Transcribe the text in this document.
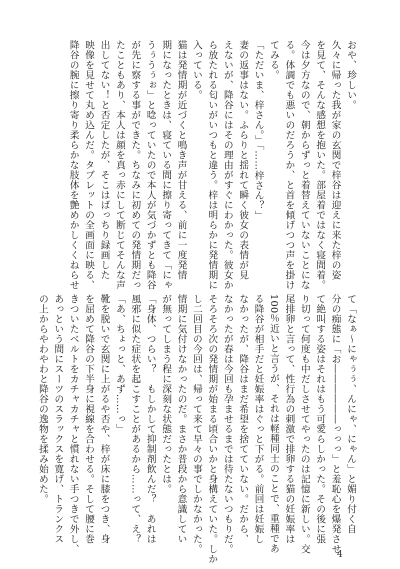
おや、珍しい。
久々に帰った我が家の玄関で梓谷は迎えに来た梓の姿
を見て、そんな感想を抱いた。部屋着ではなく寝間着。
今は夕方なので、朝からずっと着替えていないことにな
る。体調でも悪いのだろうか、と首を傾げつつ声を掛け
てみる。
「ただいま、梓さん。」「……梓さん？」
妻の返事はない。ふらりと揺れて瞬く彼女の表情が見
えないが、降谷にはその理由がすぐにわかった。彼女か
ら放たれる匂いがいつもと違う。梓は明らかに発情期に
入っている。
猫は発情期が近づくと鳴き声が甘える、前に一度発情
期になったときは、寝ている間に擦り寄ってきて「にゃ
うぅうぅぉ」と唸っていたので本人が気づかずとも降谷
が先に察する事ができた。ちなみに初めての発情期だっ
たこともあり、本人は顔を真っ赤にして断じてそんな声
出してない！と否定したが、そこはばっちり録画した
映像を見せて丸め込んだ。タブレットの全画面に映る、
降谷の腕に擦り寄り柔らかな肢体を艶めかしくくねらせ
て「なぁ～にゃぅぅ、んにゃ、にゃん」と媚り付く自
分の痴態に「お――――――っっっ」と羞恥心を爆発させ
て絶叫する姿はそれはもう可愛らしかった。その後に張
り切って何度も中だしさせてやったのは記憶に新しい。交
尾排卵と言って、性行為の刺激で排卵する猫の妊娠率は
100％近いと言うが、それは軽種同士のことで、重種であ
る降谷が相手だと妊娠率はぐっと下がる。前回は妊娠し
なかったが、降谷はまだ希望を捨てていない。だから、
なかったが春は今回も孕ませるまでは待たないつもりだ。
そろそろ次の発情期が始まる頃合いかと身構えていた。しか
し二回目の今回は、帰って来て早々の事でしかなかった。
情期に気付けなかったのだ。まさか普段から意識してい
が無ってしまう程に深刻な状態だったとは。
「身体、つらい？　もしかして抑制剤飲んだ？　あれは
風邪に似た症状を起こすことがあるから……って、え？
「あ、ちょっと、あず……っ」
靴を脱いで玄関に上がるや否や、梓が床に膝をつき、身
を屈めて降谷の下半身に視線を合わせる。そして腰に巻
きついたベルトをカチャカチャと慣れない手つきで外し、
あっという間にスーツのスラックスを寛げ、トランクス
の上からやわやわと降谷の逸物を揉み始めた。
4
